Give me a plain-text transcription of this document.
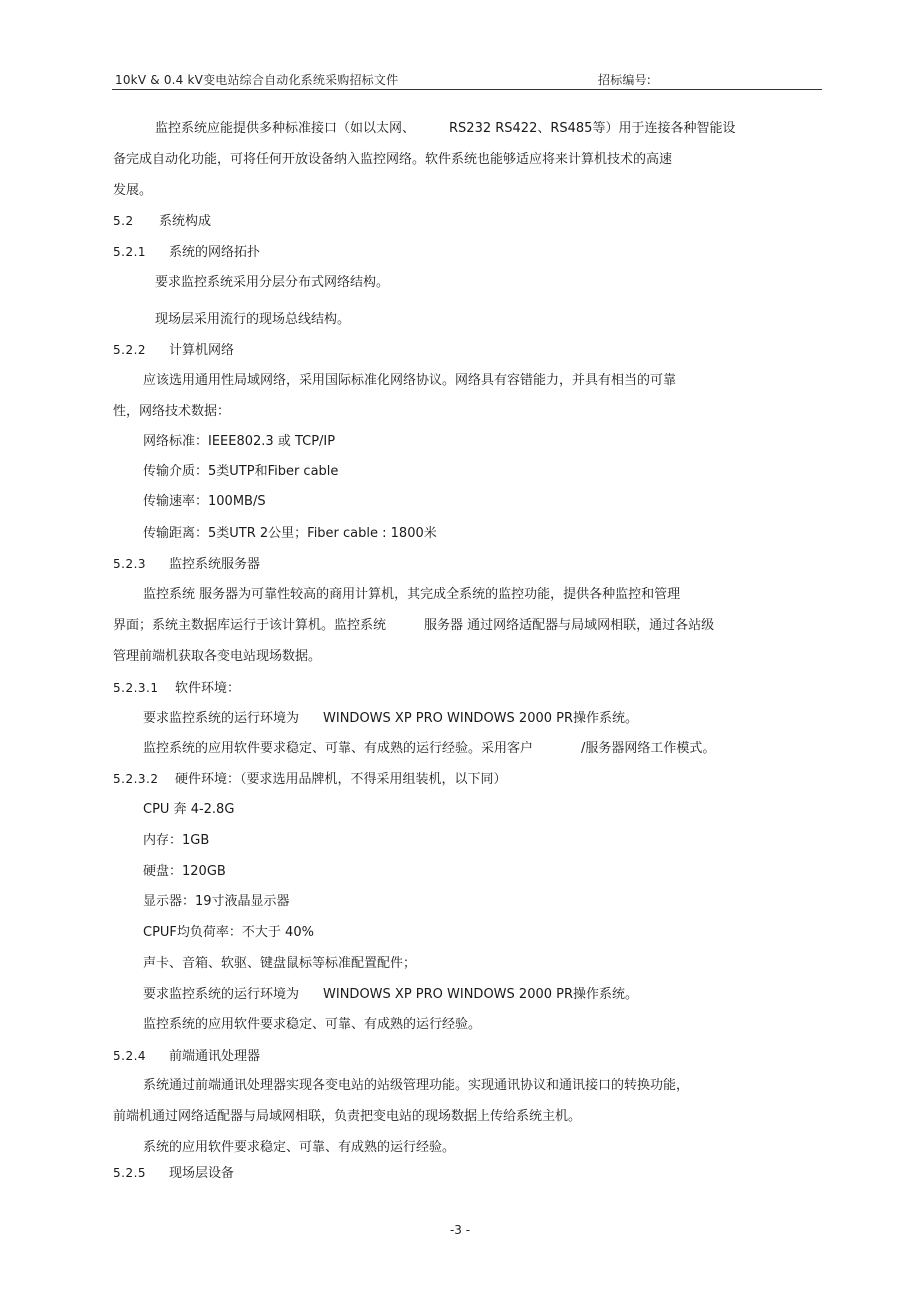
10kV & 0.4 kV变电站综合自动化系统采购招标文件	招标编号:
监控系统应能提供多种标准接口（如以太网、	RS232 RS422、RS485等）用于连接各种智能设
备完成自动化功能，可将任何开放设备纳入监控网络。软件系统也能够适应将来计算机技术的高速
发展。
5.2 系统构成
5.2.1 系统的网络拓扑
要求监控系统采用分层分布式网络结构。
现场层采用流行的现场总线结构。
5.2.2 计算机网络
应该选用通用性局域网络，采用国际标准化网络协议。网络具有容错能力，并具有相当的可靠
性，网络技术数据：
网络标准：IEEE802.3 或 TCP/IP
传输介质：5类UTP和Fiber cable
传输速率：100MB/S
传输距离：5类UTR 2公里；Fiber cable : 1800米
5.2.3 监控系统服务器
监控系统 服务器为可靠性较高的商用计算机，其完成全系统的监控功能，提供各种监控和管理
界面；系统主数据库运行于该计算机。监控系统	服务器 通过网络适配器与局域网相联，通过各站级
管理前端机获取各变电站现场数据。
5.2.3.1 软件环境：
要求监控系统的运行环境为 WINDOWS XP PRO WINDOWS 2000 PR操作系统。
监控系统的应用软件要求稳定、可靠、有成熟的运行经验。采用客户	/服务器网络工作模式。
5.2.3.2 硬件环境：（要求选用品牌机，不得采用组装机，以下同）
CPU 奔 4-2.8G
内存：1GB
硬盘：120GB
显示器：19寸液晶显示器
CPUF均负荷率：不大于 40%
声卡、音箱、软驱、键盘鼠标等标准配置配件；
要求监控系统的运行环境为 WINDOWS XP PRO WINDOWS 2000 PR操作系统。
监控系统的应用软件要求稳定、可靠、有成熟的运行经验。
5.2.4 前端通讯处理器
系统通过前端通讯处理器实现各变电站的站级管理功能。实现通讯协议和通讯接口的转换功能，
前端机通过网络适配器与局域网相联，负责把变电站的现场数据上传给系统主机。
系统的应用软件要求稳定、可靠、有成熟的运行经验。
5.2.5 现场层设备
-3 -
